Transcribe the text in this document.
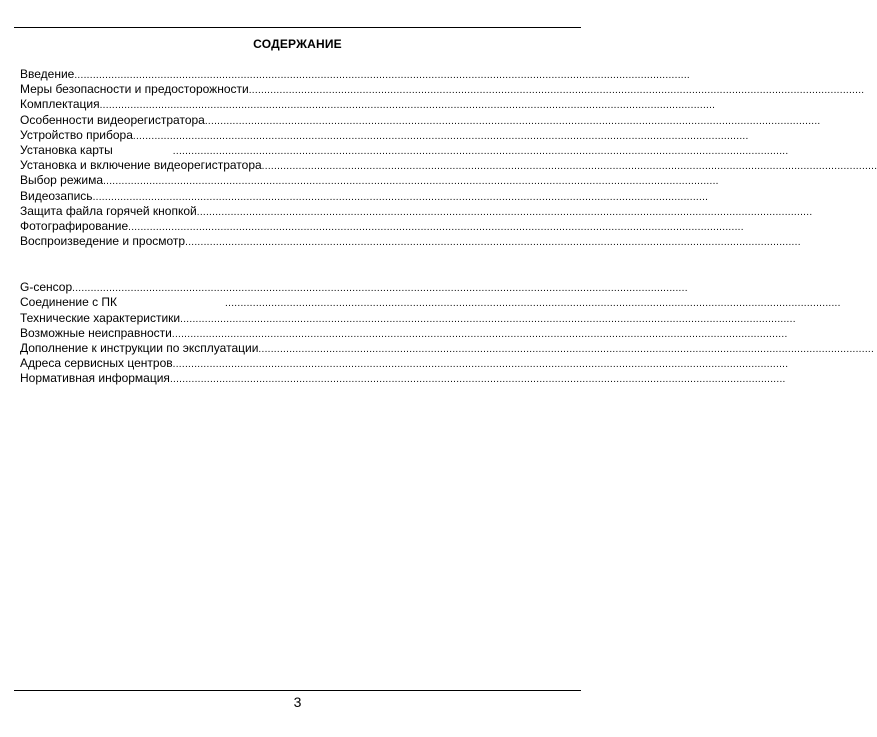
СОДЕРЖАНИЕ
Введение ........................................................................................................................................................................................................
Меры безопасности и предосторожности ........................................................................................................................................................................................................
Комплектация ........................................................................................................................................................................................................
Особенности видеорегистратора ........................................................................................................................................................................................................
Устройство прибора ........................................................................................................................................................................................................
Установка карты	........................................................................................................................................................................................................
Установка и включение видеорегистратора ........................................................................................................................................................................................................
Выбор режима ........................................................................................................................................................................................................
Видеозапись ........................................................................................................................................................................................................
Защита файла горячей кнопкой ........................................................................................................................................................................................................
Фотографирование ........................................................................................................................................................................................................
Воспроизведение и просмотр ........................................................................................................................................................................................................
G-сенсор ........................................................................................................................................................................................................
Соединение с ПК	........................................................................................................................................................................................................
Технические характеристики ........................................................................................................................................................................................................
Возможные неисправности ........................................................................................................................................................................................................
Дополнение к инструкции по эксплуатации ........................................................................................................................................................................................................
Адреса сервисных центров ........................................................................................................................................................................................................
Нормативная информация ........................................................................................................................................................................................................
3
